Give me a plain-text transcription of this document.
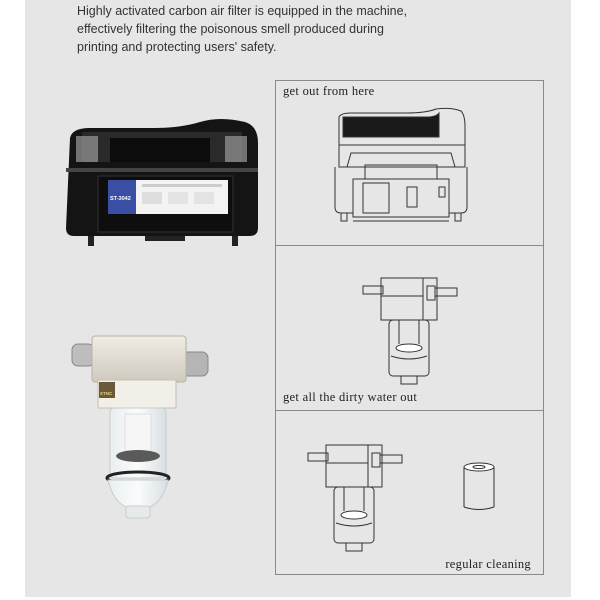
Highly activated carbon air filter is equipped in the machine,
effectively filtering the poisonous smell produced during
printing and protecting users' safety.
ST-3042
STNC
get out from here
get all the dirty water out
regular cleaning
